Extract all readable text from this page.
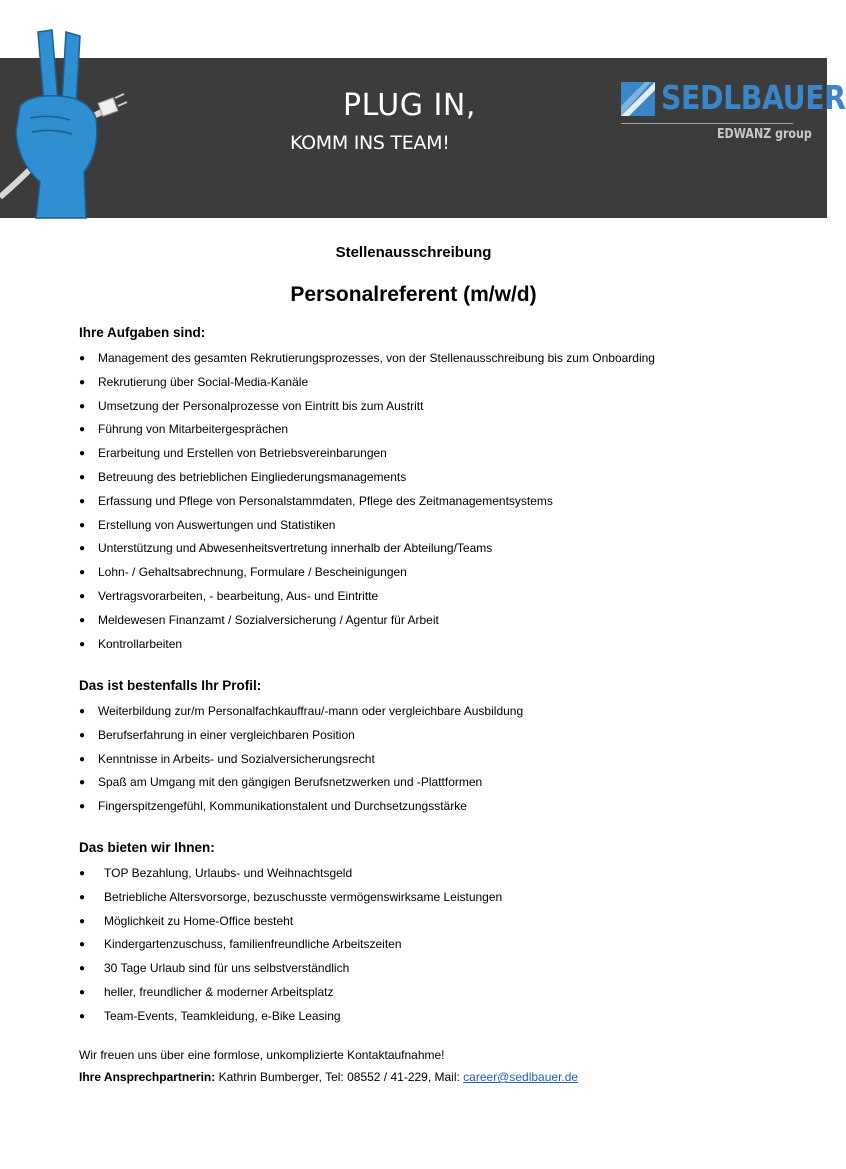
PLUG IN,
KOMM INS TEAM!
SEDLBAUER
EDWANZ group
Stellenausschreibung
Personalreferent (m/w/d)
Ihre Aufgaben sind:
● Management des gesamten Rekrutierungsprozesses, von der Stellenausschreibung bis zum Onboarding
● Rekrutierung über Social-Media-Kanäle
● Umsetzung der Personalprozesse von Eintritt bis zum Austritt
● Führung von Mitarbeitergesprächen
● Erarbeitung und Erstellen von Betriebsvereinbarungen
● Betreuung des betrieblichen Eingliederungsmanagements
● Erfassung und Pflege von Personalstammdaten, Pflege des Zeitmanagementsystems
● Erstellung von Auswertungen und Statistiken
● Unterstützung und Abwesenheitsvertretung innerhalb der Abteilung/Teams
● Lohn- / Gehaltsabrechnung, Formulare / Bescheinigungen
● Vertragsvorarbeiten, - bearbeitung, Aus- und Eintritte
● Meldewesen Finanzamt / Sozialversicherung / Agentur für Arbeit
● Kontrollarbeiten
Das ist bestenfalls Ihr Profil:
● Weiterbildung zur/m Personalfachkauffrau/-mann oder vergleichbare Ausbildung
● Berufserfahrung in einer vergleichbaren Position
● Kenntnisse in Arbeits- und Sozialversicherungsrecht
● Spaß am Umgang mit den gängigen Berufsnetzwerken und -Plattformen
● Fingerspitzengefühl, Kommunikationstalent und Durchsetzungsstärke
Das bieten wir Ihnen:
● TOP Bezahlung, Urlaubs- und Weihnachtsgeld
● Betriebliche Altersvorsorge, bezuschusste vermögenswirksame Leistungen
● Möglichkeit zu Home-Office besteht
● Kindergartenzuschuss, familienfreundliche Arbeitszeiten
● 30 Tage Urlaub sind für uns selbstverständlich
● heller, freundlicher & moderner Arbeitsplatz
● Team-Events, Teamkleidung, e-Bike Leasing
Wir freuen uns über eine formlose, unkomplizierte Kontaktaufnahme!
Ihre Ansprechpartnerin: Kathrin Bumberger, Tel: 08552 / 41-229, Mail: career@sedlbauer.de
